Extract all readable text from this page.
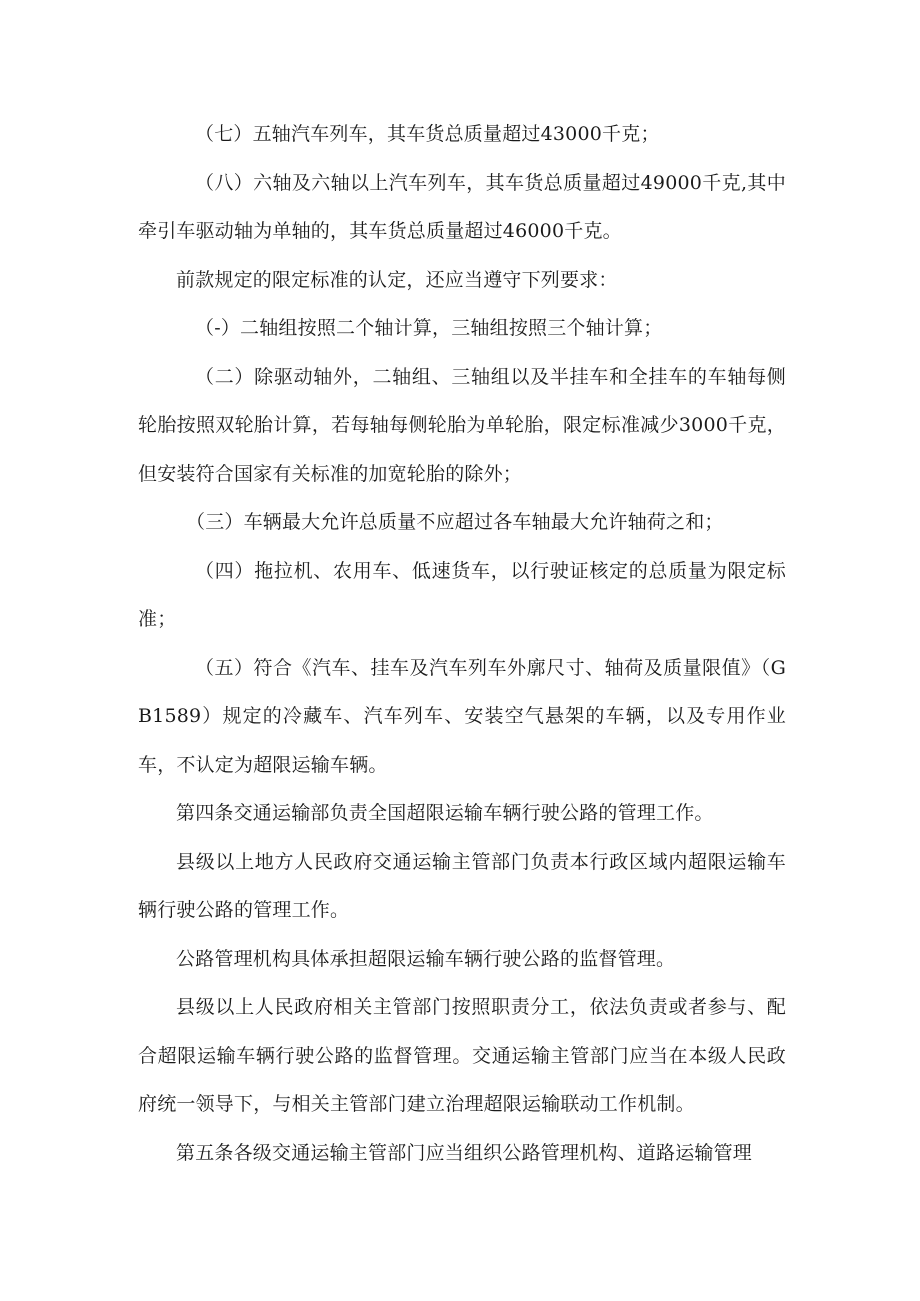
（七）五轴汽车列车，其车货总质量超过43000千克；

（八）六轴及六轴以上汽车列车，其车货总质量超过49000千克,其中牵引车驱动轴为单轴的，其车货总质量超过46000千克。

前款规定的限定标准的认定，还应当遵守下列要求：

（-）二轴组按照二个轴计算，三轴组按照三个轴计算；

（二）除驱动轴外，二轴组、三轴组以及半挂车和全挂车的车轴每侧轮胎按照双轮胎计算，若每轴每侧轮胎为单轮胎，限定标准减少3000千克，但安装符合国家有关标准的加宽轮胎的除外；

（三）车辆最大允许总质量不应超过各车轴最大允许轴荷之和；

（四）拖拉机、农用车、低速货车，以行驶证核定的总质量为限定标准；

（五）符合《汽车、挂车及汽车列车外廓尺寸、轴荷及质量限值》（GB1589）规定的冷藏车、汽车列车、安装空气悬架的车辆，以及专用作业车，不认定为超限运输车辆。

第四条交通运输部负责全国超限运输车辆行驶公路的管理工作。

县级以上地方人民政府交通运输主管部门负责本行政区域内超限运输车辆行驶公路的管理工作。

公路管理机构具体承担超限运输车辆行驶公路的监督管理。

县级以上人民政府相关主管部门按照职责分工，依法负责或者参与、配合超限运输车辆行驶公路的监督管理。交通运输主管部门应当在本级人民政府统一领导下，与相关主管部门建立治理超限运输联动工作机制。

第五条各级交通运输主管部门应当组织公路管理机构、道路运输管理
